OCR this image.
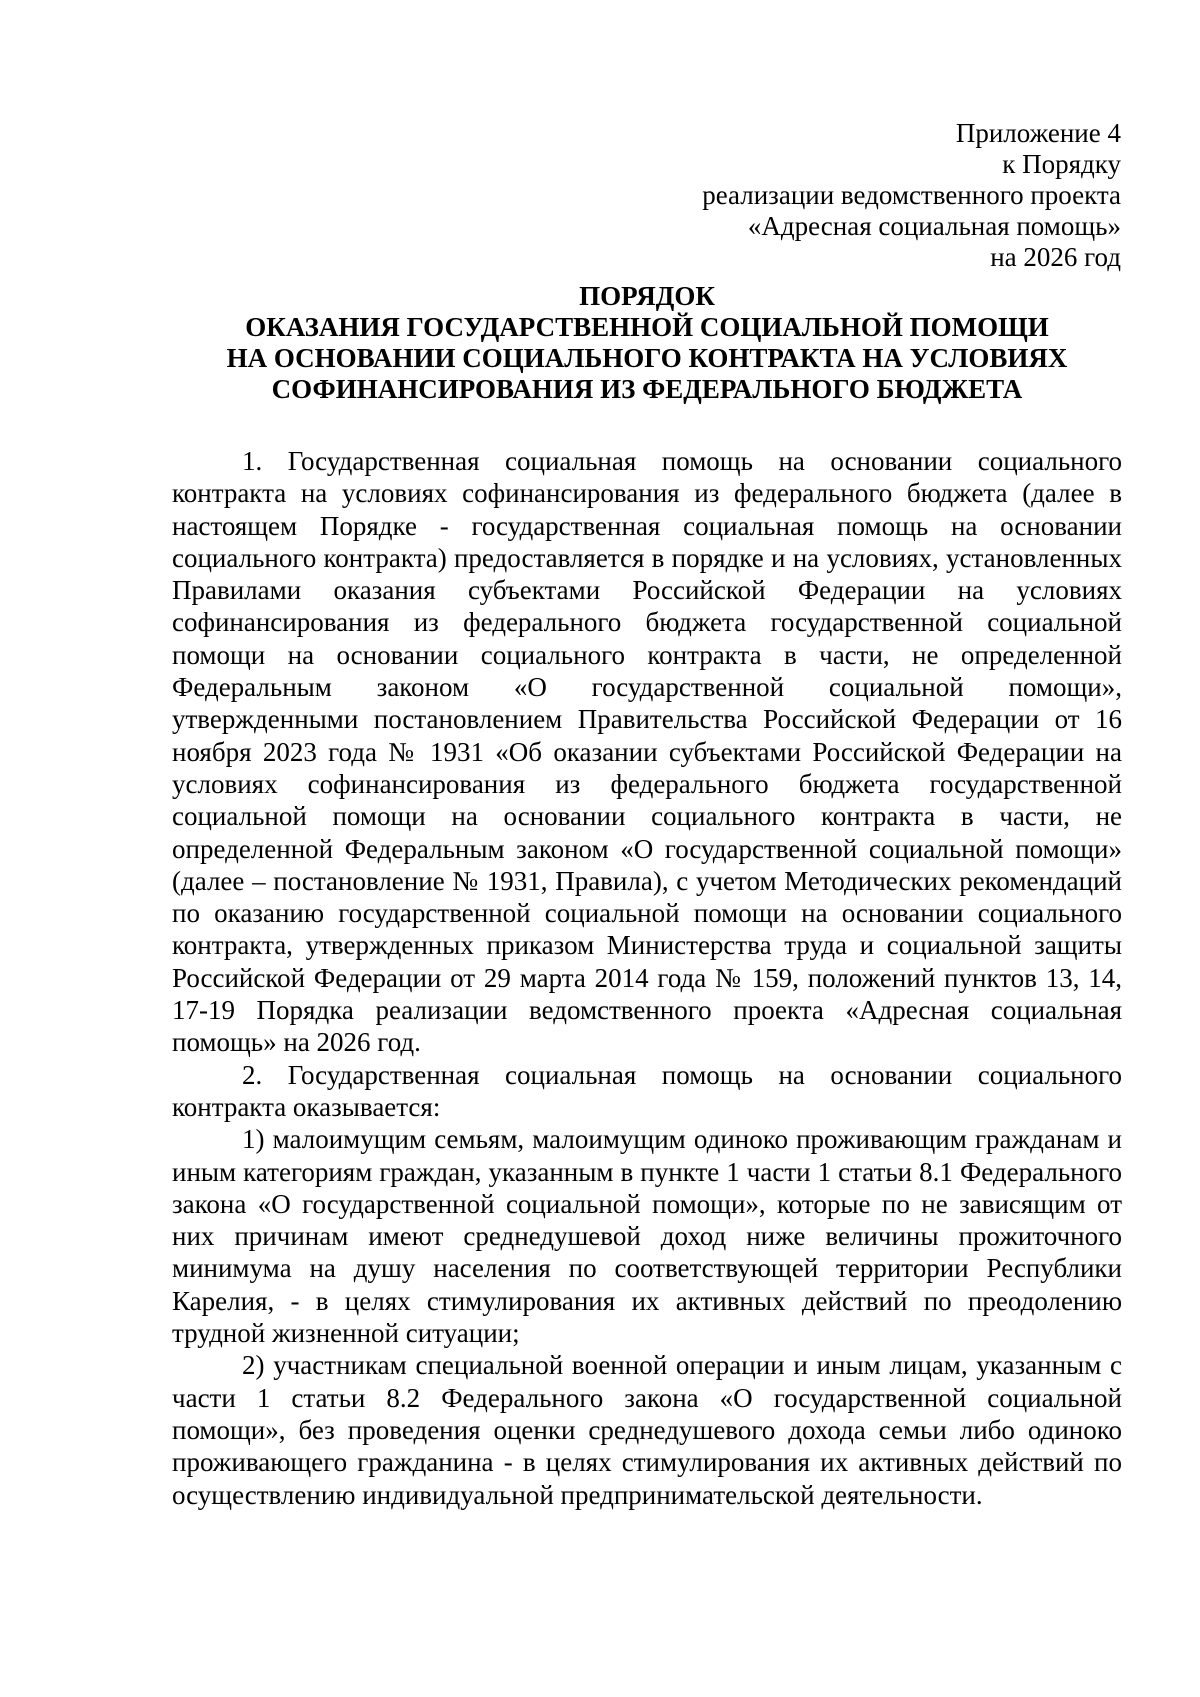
Приложение 4
к Порядку
реализации ведомственного проекта
«Адресная социальная помощь»
на 2026 год
ПОРЯДОК
ОКАЗАНИЯ ГОСУДАРСТВЕННОЙ СОЦИАЛЬНОЙ ПОМОЩИ
НА ОСНОВАНИИ СОЦИАЛЬНОГО КОНТРАКТА НА УСЛОВИЯХ
СОФИНАНСИРОВАНИЯ ИЗ ФЕДЕРАЛЬНОГО БЮДЖЕТА

1. Государственная социальная помощь на основании социального контракта на условиях софинансирования из федерального бюджета (далее в настоящем Порядке - государственная социальная помощь на основании социального контракта) предоставляется в порядке и на условиях, установленных Правилами оказания субъектами Российской Федерации на условиях софинансирования из федерального бюджета государственной социальной помощи на основании социального контракта в части, не определенной Федеральным законом «О государственной социальной помощи», утвержденными постановлением Правительства Российской Федерации от 16 ноября 2023 года № 1931 «Об оказании субъектами Российской Федерации на условиях софинансирования из федерального бюджета государственной социальной помощи на основании социального контракта в части, не определенной Федеральным законом «О государственной социальной помощи» (далее – постановление № 1931, Правила), с учетом Методических рекомендаций по оказанию государственной социальной помощи на основании социального контракта, утвержденных приказом Министерства труда и социальной защиты Российской Федерации от 29 марта 2014 года № 159, положений пунктов 13, 14, 17-19 Порядка реализации ведомственного проекта «Адресная социальная помощь» на 2026 год.

2. Государственная социальная помощь на основании социального контракта оказывается:

1) малоимущим семьям, малоимущим одиноко проживающим гражданам и иным категориям граждан, указанным в пункте 1 части 1 статьи 8.1 Федерального закона «О государственной социальной помощи», которые по не зависящим от них причинам имеют среднедушевой доход ниже величины прожиточного минимума на душу населения по соответствующей территории Республики Карелия, - в целях стимулирования их активных действий по преодолению трудной жизненной ситуации;

2) участникам специальной военной операции и иным лицам, указанным с части 1 статьи 8.2 Федерального закона «О государственной социальной помощи», без проведения оценки среднедушевого дохода семьи либо одиноко проживающего гражданина - в целях стимулирования их активных действий по осуществлению индивидуальной предпринимательской деятельности.
